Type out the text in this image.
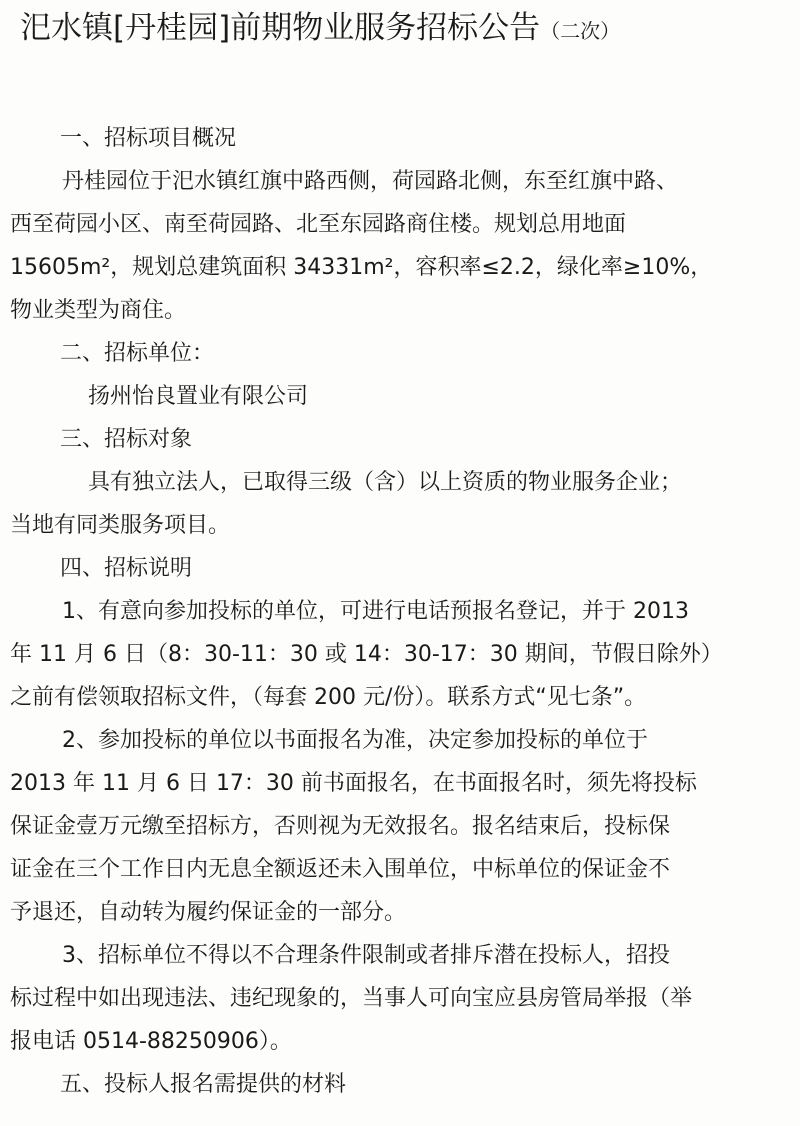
汜水镇[丹桂园]前期物业服务招标公告（二次）
一、招标项目概况
丹桂园位于汜水镇红旗中路西侧，荷园路北侧，东至红旗中路、
西至荷园小区、南至荷园路、北至东园路商住楼。规划总用地面
15605m²，规划总建筑面积 34331m²，容积率≤2.2，绿化率≥10%，
物业类型为商住。
二、招标单位：
扬州怡良置业有限公司
三、招标对象
具有独立法人，已取得三级（含）以上资质的物业服务企业；
当地有同类服务项目。
四、招标说明
1、有意向参加投标的单位，可进行电话预报名登记，并于 2013
年 11 月 6 日（8：30-11：30 或 14：30-17：30 期间，节假日除外）
之前有偿领取招标文件，（每套 200 元/份）。联系方式“见七条”。
2、参加投标的单位以书面报名为准，决定参加投标的单位于
2013 年 11 月 6 日 17：30 前书面报名，在书面报名时，须先将投标
保证金壹万元缴至招标方，否则视为无效报名。报名结束后，投标保
证金在三个工作日内无息全额返还未入围单位，中标单位的保证金不
予退还，自动转为履约保证金的一部分。
3、招标单位不得以不合理条件限制或者排斥潜在投标人，招投
标过程中如出现违法、违纪现象的，当事人可向宝应县房管局举报（举
报电话 0514-88250906）。
五、投标人报名需提供的材料
